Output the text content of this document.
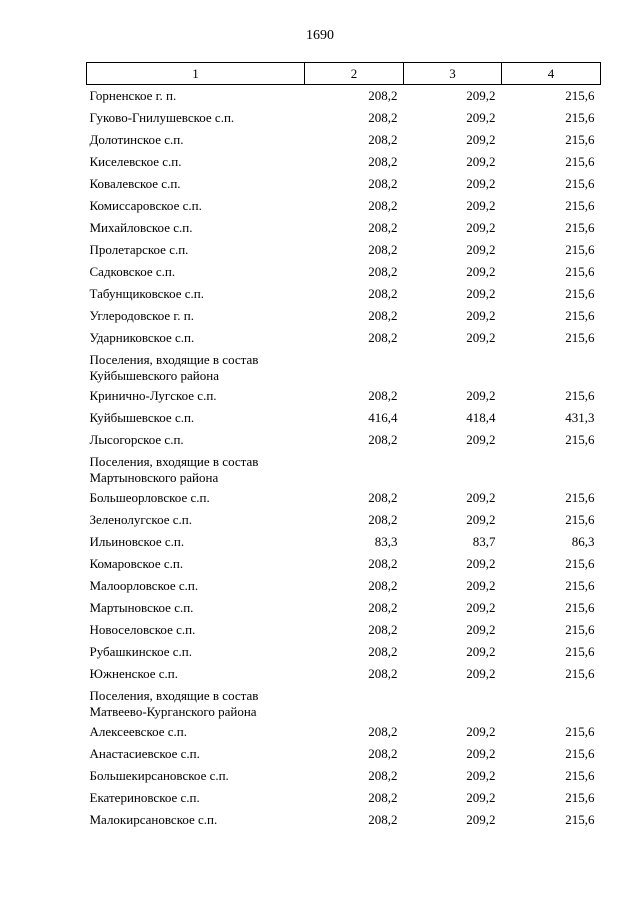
1690
1	2	3	4
Горненское г. п.	208,2	209,2	215,6
Гуково-Гнилушевское с.п.	208,2	209,2	215,6
Долотинское с.п.	208,2	209,2	215,6
Киселевское с.п.	208,2	209,2	215,6
Ковалевское с.п.	208,2	209,2	215,6
Комиссаровское с.п.	208,2	209,2	215,6
Михайловское с.п.	208,2	209,2	215,6
Пролетарское с.п.	208,2	209,2	215,6
Садковское с.п.	208,2	209,2	215,6
Табунщиковское с.п.	208,2	209,2	215,6
Углеродовское г. п.	208,2	209,2	215,6
Ударниковское с.п.	208,2	209,2	215,6
Поселения, входящие в состав Куйбышевского района			
Кринично-Лугское с.п.	208,2	209,2	215,6
Куйбышевское с.п.	416,4	418,4	431,3
Лысогорское с.п.	208,2	209,2	215,6
Поселения, входящие в состав Мартыновского района			
Большеорловское с.п.	208,2	209,2	215,6
Зеленолугское с.п.	208,2	209,2	215,6
Ильиновское с.п.	83,3	83,7	86,3
Комаровское с.п.	208,2	209,2	215,6
Малоорловское с.п.	208,2	209,2	215,6
Мартыновское с.п.	208,2	209,2	215,6
Новоселовское с.п.	208,2	209,2	215,6
Рубашкинское с.п.	208,2	209,2	215,6
Южненское с.п.	208,2	209,2	215,6
Поселения, входящие в состав Матвеево-Курганского района			
Алексеевское с.п.	208,2	209,2	215,6
Анастасиевское с.п.	208,2	209,2	215,6
Большекирсановское с.п.	208,2	209,2	215,6
Екатериновское с.п.	208,2	209,2	215,6
Малокирсановское с.п.	208,2	209,2	215,6
